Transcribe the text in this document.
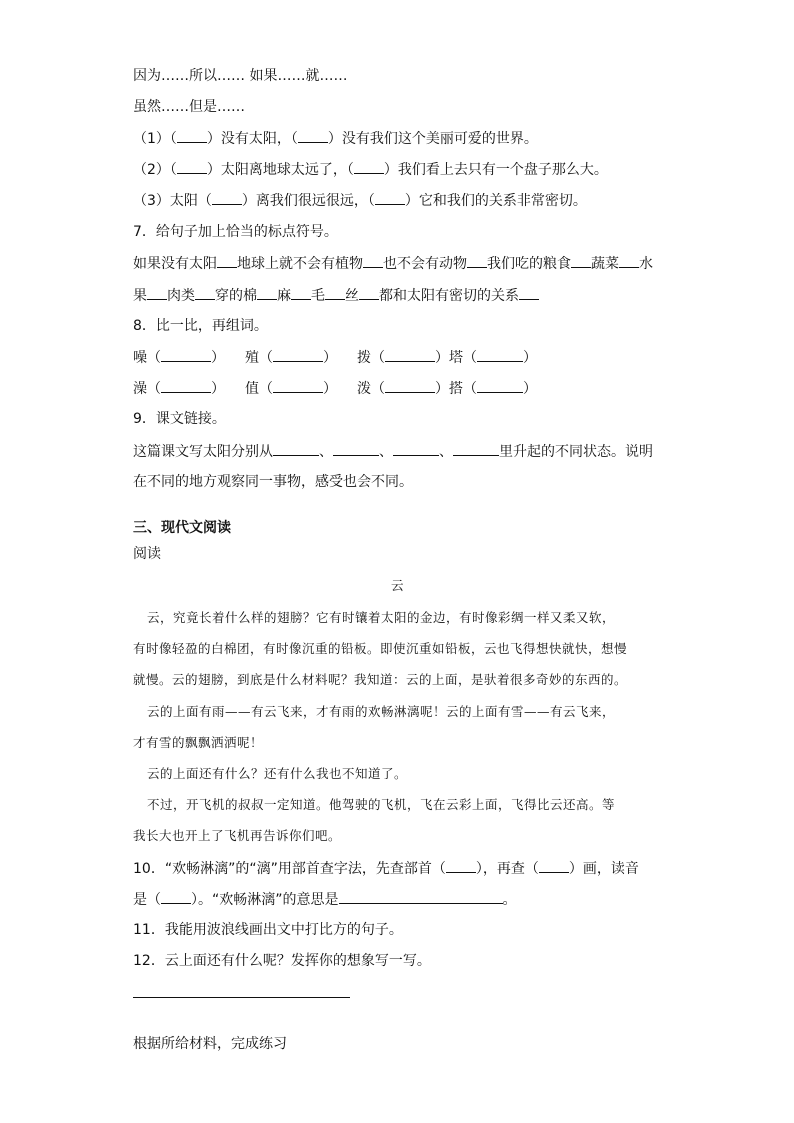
因为……所以…… 如果……就……
虽然……但是……
（1）（ ）没有太阳，（ ）没有我们这个美丽可爱的世界。
（2）（ ）太阳离地球太远了，（ ）我们看上去只有一个盘子那么大。
（3）太阳（ ）离我们很远很远，（ ）它和我们的关系非常密切。
7．给句子加上恰当的标点符号。
如果没有太阳 地球上就不会有植物 也不会有动物 我们吃的粮食 蔬菜 水
果 肉类 穿的棉 麻 毛 丝 都和太阳有密切的关系
8．比一比，再组词。
噪（	） 殖（	） 拨（	）塔（	）
澡（	） 值（	） 泼（	）搭（	）
9．课文链接。
这篇课文写太阳分别从	、	、	、	里升起的不同状态。说明
在不同的地方观察同一事物，感受也会不同。
三、现代文阅读
阅读
云
云，究竟长着什么样的翅膀？它有时镶着太阳的金边，有时像彩绸一样又柔又软，
有时像轻盈的白棉团，有时像沉重的铅板。即使沉重如铅板，云也飞得想快就快，想慢
就慢。云的翅膀，到底是什么材料呢？我知道：云的上面，是驮着很多奇妙的东西的。
云的上面有雨——有云飞来，才有雨的欢畅淋漓呢！云的上面有雪——有云飞来，
才有雪的飘飘洒洒呢！
云的上面还有什么？还有什么我也不知道了。
不过，开飞机的叔叔一定知道。他驾驶的飞机，飞在云彩上面，飞得比云还高。等
我长大也开上了飞机再告诉你们吧。
10．“欢畅淋漓”的“漓”用部首查字法，先查部首（ ），再查（ ）画，读音
是（ ）。“欢畅淋漓”的意思是	。
11．我能用波浪线画出文中打比方的句子。
12．云上面还有什么呢？发挥你的想象写一写。
根据所给材料，完成练习
